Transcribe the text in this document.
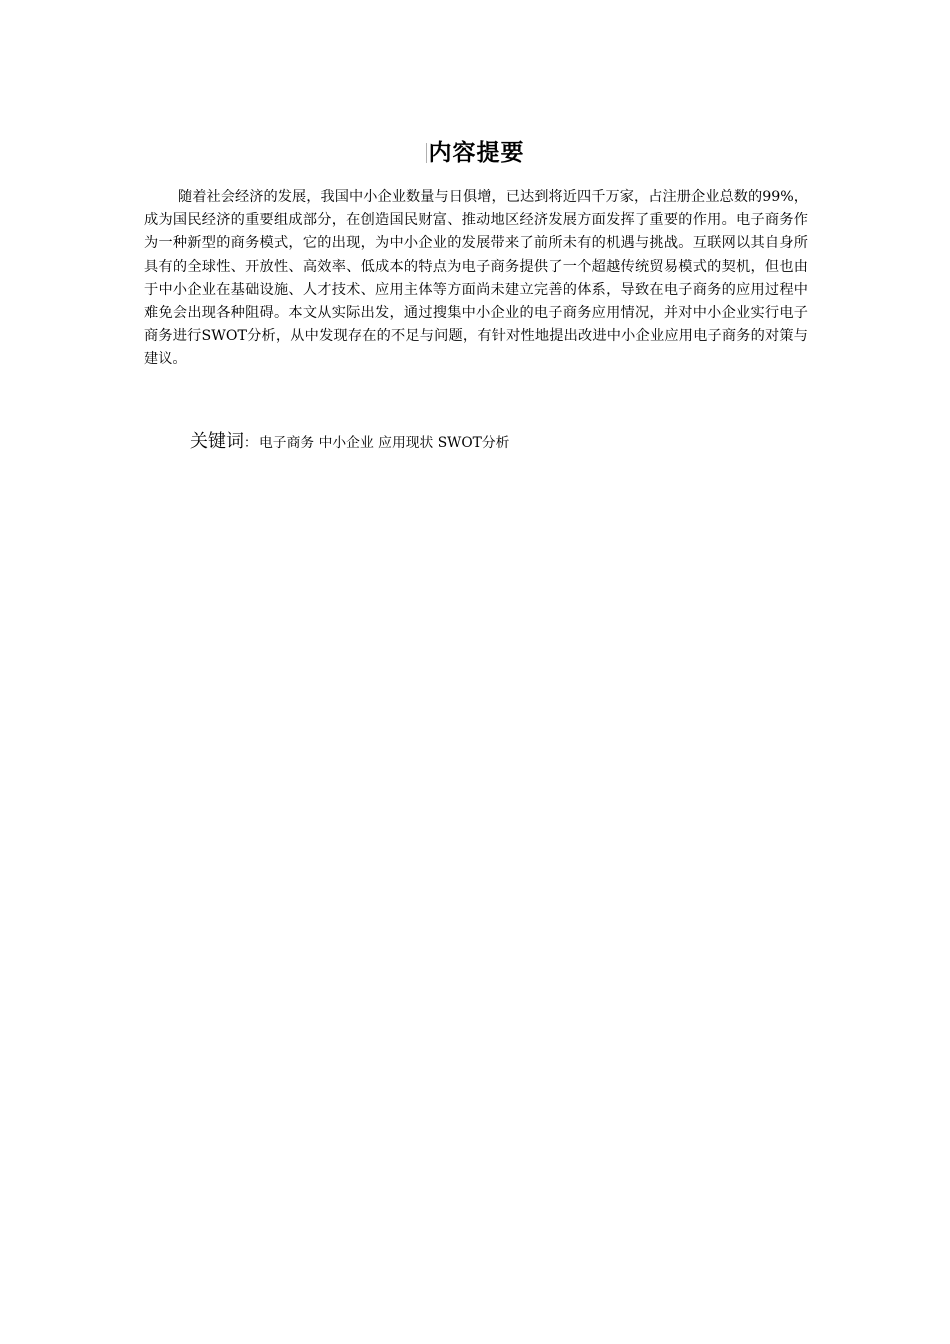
内容提要

随着社会经济的发展，我国中小企业数量与日俱增，已达到将近四千万家，占注册企业总数的99%，成为国民经济的重要组成部分，在创造国民财富、推动地区经济发展方面发挥了重要的作用。电子商务作为一种新型的商务模式，它的出现，为中小企业的发展带来了前所未有的机遇与挑战。互联网以其自身所具有的全球性、开放性、高效率、低成本的特点为电子商务提供了一个超越传统贸易模式的契机，但也由于中小企业在基础设施、人才技术、应用主体等方面尚未建立完善的体系，导致在电子商务的应用过程中难免会出现各种阻碍。本文从实际出发，通过搜集中小企业的电子商务应用情况，并对中小企业实行电子商务进行SWOT分析，从中发现存在的不足与问题，有针对性地提出改进中小企业应用电子商务的对策与建议。

关键词： 电子商务 中小企业 应用现状 SWOT分析
